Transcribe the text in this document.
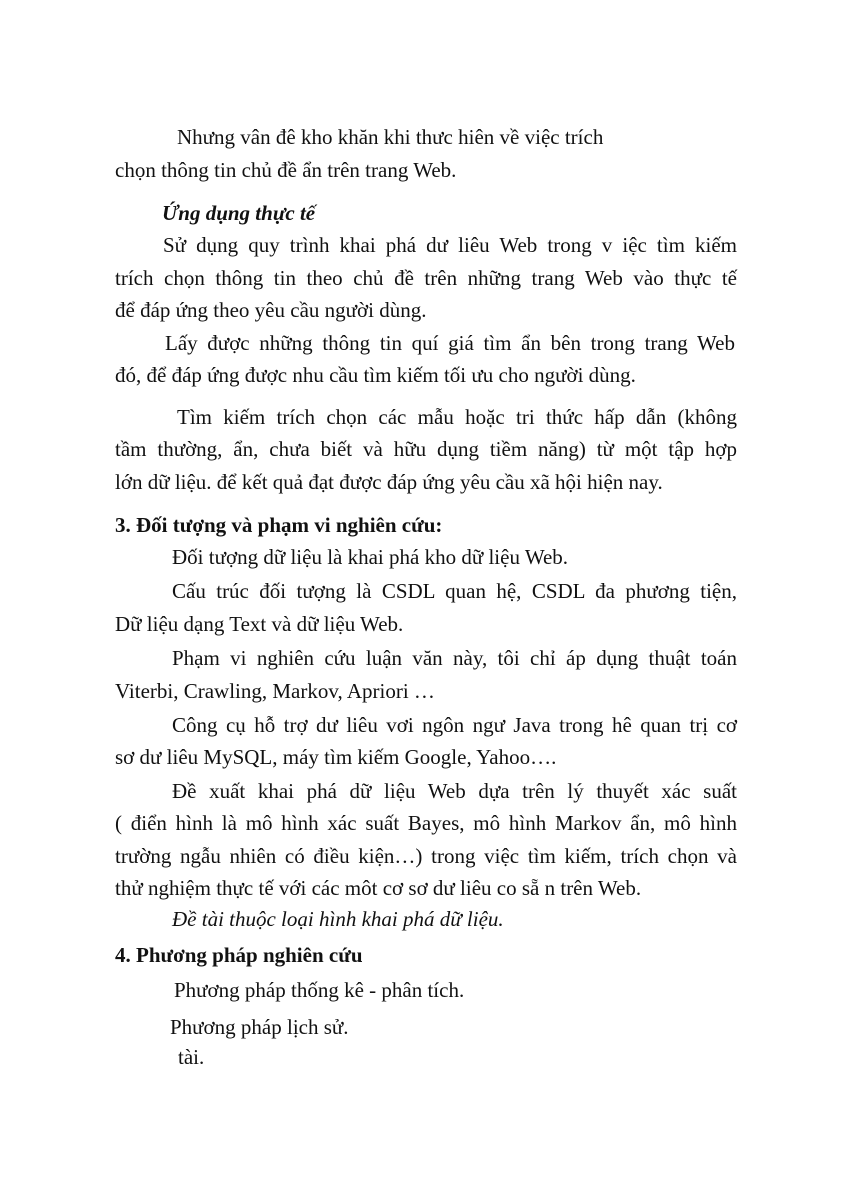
Nhưng vân đê kho khăn khi thưc hiên về việc trích
chọn thông tin chủ đề ẩn trên trang Web.
Ứng dụng thực tế
Sử dụng quy trình khai phá dư liêu Web trong v iệc tìm kiếm
trích chọn thông tin theo chủ đề trên những trang Web vào thực tế
để đáp ứng theo yêu cầu người dùng.
Lấy được những thông tin quí giá tìm ẩn bên trong trang Web
đó, để đáp ứng được nhu cầu tìm kiếm tối ưu cho người dùng.
Tìm kiếm trích chọn các mẫu hoặc tri thức hấp dẫn (không
tầm thường, ẩn, chưa biết và hữu dụng tiềm năng) từ một tập hợp
lớn dữ liệu. để kết quả đạt được đáp ứng yêu cầu xã hội hiện nay.
3. Đối tượng và phạm vi nghiên cứu:
Đối tượng dữ liệu là khai phá kho dữ liệu Web.
Cấu trúc đối tượng là CSDL quan hệ, CSDL đa phương tiện,
Dữ liệu dạng Text và dữ liệu Web.
Phạm vi nghiên cứu luận văn này, tôi chỉ áp dụng thuật toán
Viterbi, Crawling, Markov, Apriori …
Công cụ hỗ trợ dư liêu vơi ngôn ngư Java trong hê quan trị cơ
sơ dư liêu MySQL, máy tìm kiếm Google, Yahoo….
Đề xuất khai phá dữ liệu Web dựa trên lý thuyết xác suất
( điển hình là mô hình xác suất Bayes, mô hình Markov ẩn, mô hình
trường ngẫu nhiên có điều kiện…) trong việc tìm kiếm, trích chọn và
thử nghiệm thực tế với các môt cơ sơ dư liêu co sẵ n trên Web.
Đề tài thuộc loại hình khai phá dữ liệu.
4. Phương pháp nghiên cứu
Phương pháp thống kê - phân tích.
Phương pháp lịch sử.
tài.
